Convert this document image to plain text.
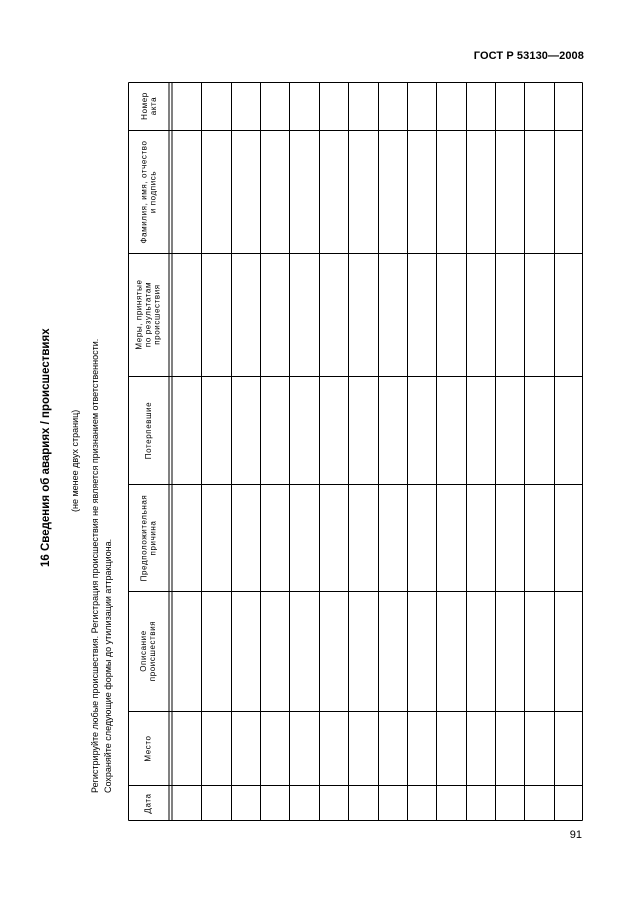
ГОСТ Р 53130—2008
16 Сведения об авариях / происшествиях (не менее двух страниц) Регистрируйте любые происшествия. Регистрация происшествия не является признанием ответственности. Сохраняйте следующие формы до утилизации аттракциона.
Номер
акта
Фамилия, имя, отчество
и подпись
Меры, принятые
по результатам
происшествия
Потерпевшие
Предположительная
причина
Описание
происшествия
Место
Дата
91
